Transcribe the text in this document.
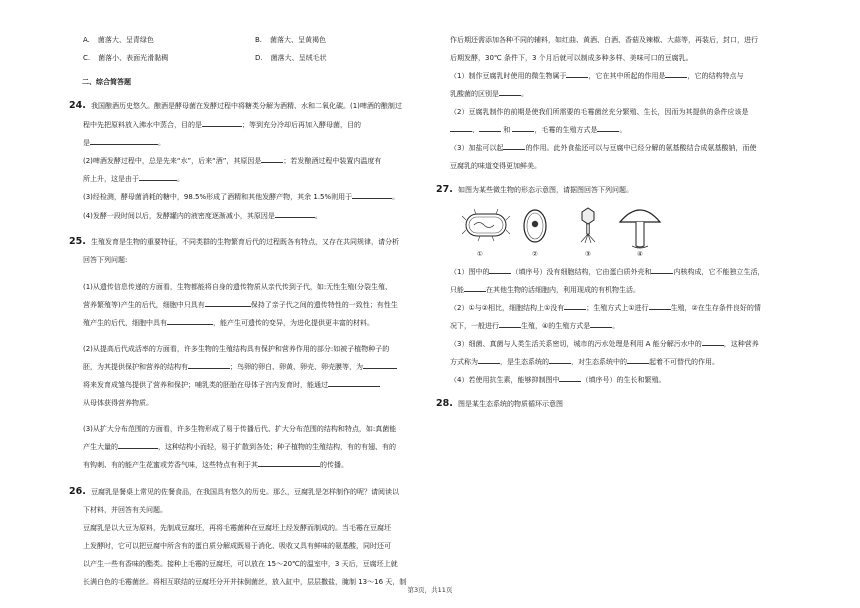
A. 菌落大、呈青绿色	B. 菌落大、呈黄褐色
C. 菌落小、表面光滑黏稠	D. 菌落大、呈绒毛状
二、综合简答题
24. 我国酿酒历史悠久。酿酒是酵母菌在发酵过程中将糖类分解为酒精、水和二氧化碳。(1)啤酒的酿制过
程中先把原料放入沸水中蒸合，目的是	；等到充分冷却后再加入酵母菌，目的
是	。
(2)啤酒发酵过程中，总是先来“水”，后来“酒”，其原因是	；若发酿酒过程中装置内温度有
所上升，这是由于	。
(3)经检测，酵母菌消耗的糖中，98.5%形成了酒精和其他发酵产物，其余 1.5%则用于	。
(4)发酵一段时间以后，发酵罐内的液密度逐渐减小，其原因是	。
25. 生殖发育是生物的重要特征，不同类群的生物繁育后代的过程既各有特点，又存在共同规律，请分析
回答下列问题:
(1)从遗传信息传递的方面看，生物都能将自身的遗传物质从亲代传到子代，如:无性生殖(分裂生殖、
营养繁殖等)产生的后代，细胞中只具有	保持了亲子代之间的遗传特性的一致性；有性生
殖产生的后代，细胞中具有	，能产生可遗传的变异，为进化提供更丰富的材料。
(2)从提高后代成活率的方面看，许多生物的生殖结构具有保护和营养作用的部分:如被子植物种子的
胚，为其提供保护和营养的结构有	；鸟卵的卵白、卵黄、卵壳、卵壳膜等，为
将来发育成雏鸟提供了营养和保护；哺乳类的胚胎在母体子宫内发育时，能通过
从母体获得营养物质。
(3)从扩大分布范围的方面看，许多生物形成了易于传播后代、扩大分布范围的结构和特点，如:真菌能
产生大量的	，这种结构小而轻，易于扩散到各处；种子植物的生殖结构，有的有翅、有的
有钩刺、有的能产生花蜜或芳香气味，这些特点有利于其	的传播。
26. 豆腐乳是餐桌上常见的佐餐食品，在我国具有悠久的历史。那么，豆腐乳是怎样制作的呢？请阅读以
下材料，并回答有关问题。
豆腐乳是以大豆为原料，先制成豆腐坯，再将毛霉菌种在豆腐坯上经发酵而制成的。当毛霉在豆腐坯
上发酵时，它可以把豆腐中所含有的蛋白质分解成既易于消化、吸收又具有鲜味的氨基酸，同时还可
以产生一些有香味的酯类。接种上毛霉的豆腐坯，可以放在 15～20℃的温室中，3 天后，豆腐坯上就
长满白色的毛霉菌丝。将相互联结的豆腐坯分开并抹倒菌丝，放入缸中，层层撒盐，腌制 13～16 天，制
作后期还需添加各种不同的辅料，如红曲、黄酒、白酒、香菇及辣椒、大蒜等，再装后，封口，进行
后期发酵，30℃ 条件下，3 个月后就可以制成多种多样、美味可口的豆腐乳。
（1）制作豆腐乳时使用的微生物属于	，它在其中所起的作用是	，它的结构特点与
乳酸菌的区别是	。
（2）豆腐乳制作的前期是使我们所需要的毛霉菌丝充分繁殖、生长，因而为其提供的条件应该是
、	和	，毛霉的生殖方式是	。
（3）加盐可以起	的作用。此外食盐还可以与豆腐中已经分解的氨基酸结合成氨基酸钠，而使
豆腐乳的味道变得更加鲜美。
27. 如图为某些微生物的形态示意图，请据图回答下列问题。
①	②	③	④
（1）图中的	（填序号）没有细胞结构，它由蛋白质外壳和	内核构成，它不能独立生活，
只能	在其他生物的活细胞内，利用现成的有机物生活。
（2）①与②相比，细胞结构上①没有	；生殖方式上①进行	生殖，②在生存条件良好的情
况下，一般进行	生殖，④的生殖方式是	。
（3）细菌、真菌与人类生活关系密切，城市的污水处理是利用 A 能分解污水中的	，这种营养
方式称为	，是生态系统的	，对生态系统中的	起着不可替代的作用。
（4）若使用抗生素，能够抑制图中	（填序号）的生长和繁殖。
28. 图是某生态系统的物质循环示意图
第3页，共11页
